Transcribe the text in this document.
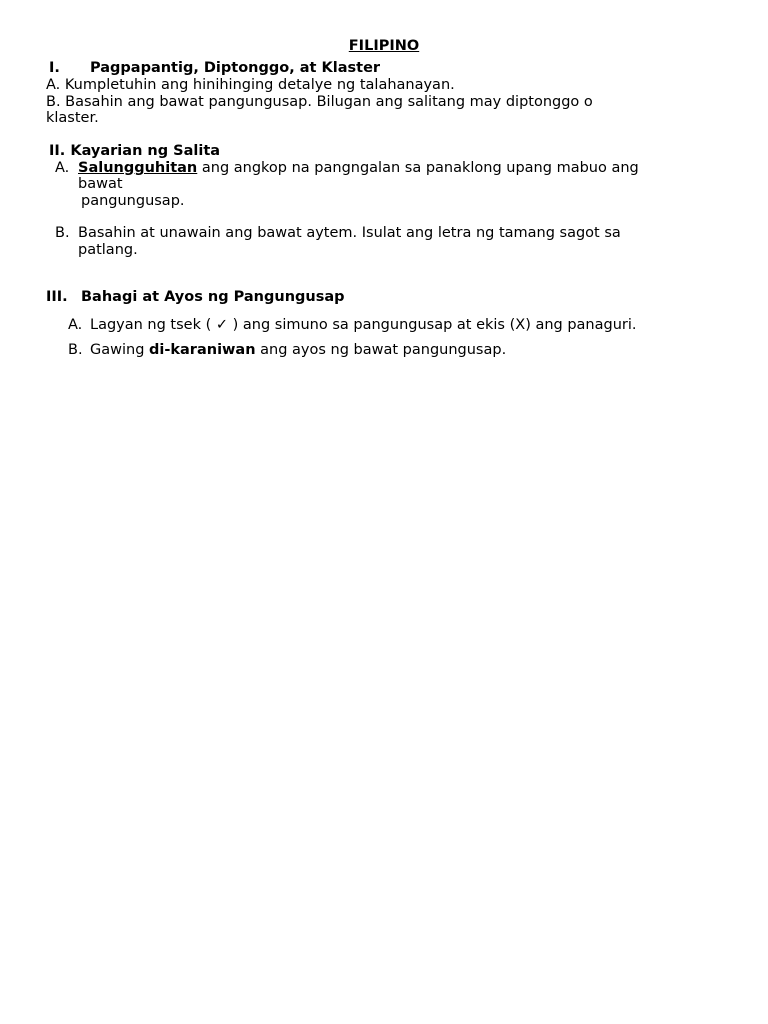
FILIPINO
I. Pagpapantig, Diptonggo, at Klaster
A. Kumpletuhin ang hinihinging detalye ng talahanayan.
B. Basahin ang bawat pangungusap. Bilugan ang salitang may diptonggo o
klaster.
II. Kayarian ng Salita
A. Salungguhitan ang angkop na pangngalan sa panaklong upang mabuo ang
bawat
pangungusap.
B. Basahin at unawain ang bawat aytem. Isulat ang letra ng tamang sagot sa
patlang.
III. Bahagi at Ayos ng Pangungusap
A. Lagyan ng tsek ( ✓ ) ang simuno sa pangungusap at ekis (X) ang panaguri.
B. Gawing di-karaniwan ang ayos ng bawat pangungusap.
